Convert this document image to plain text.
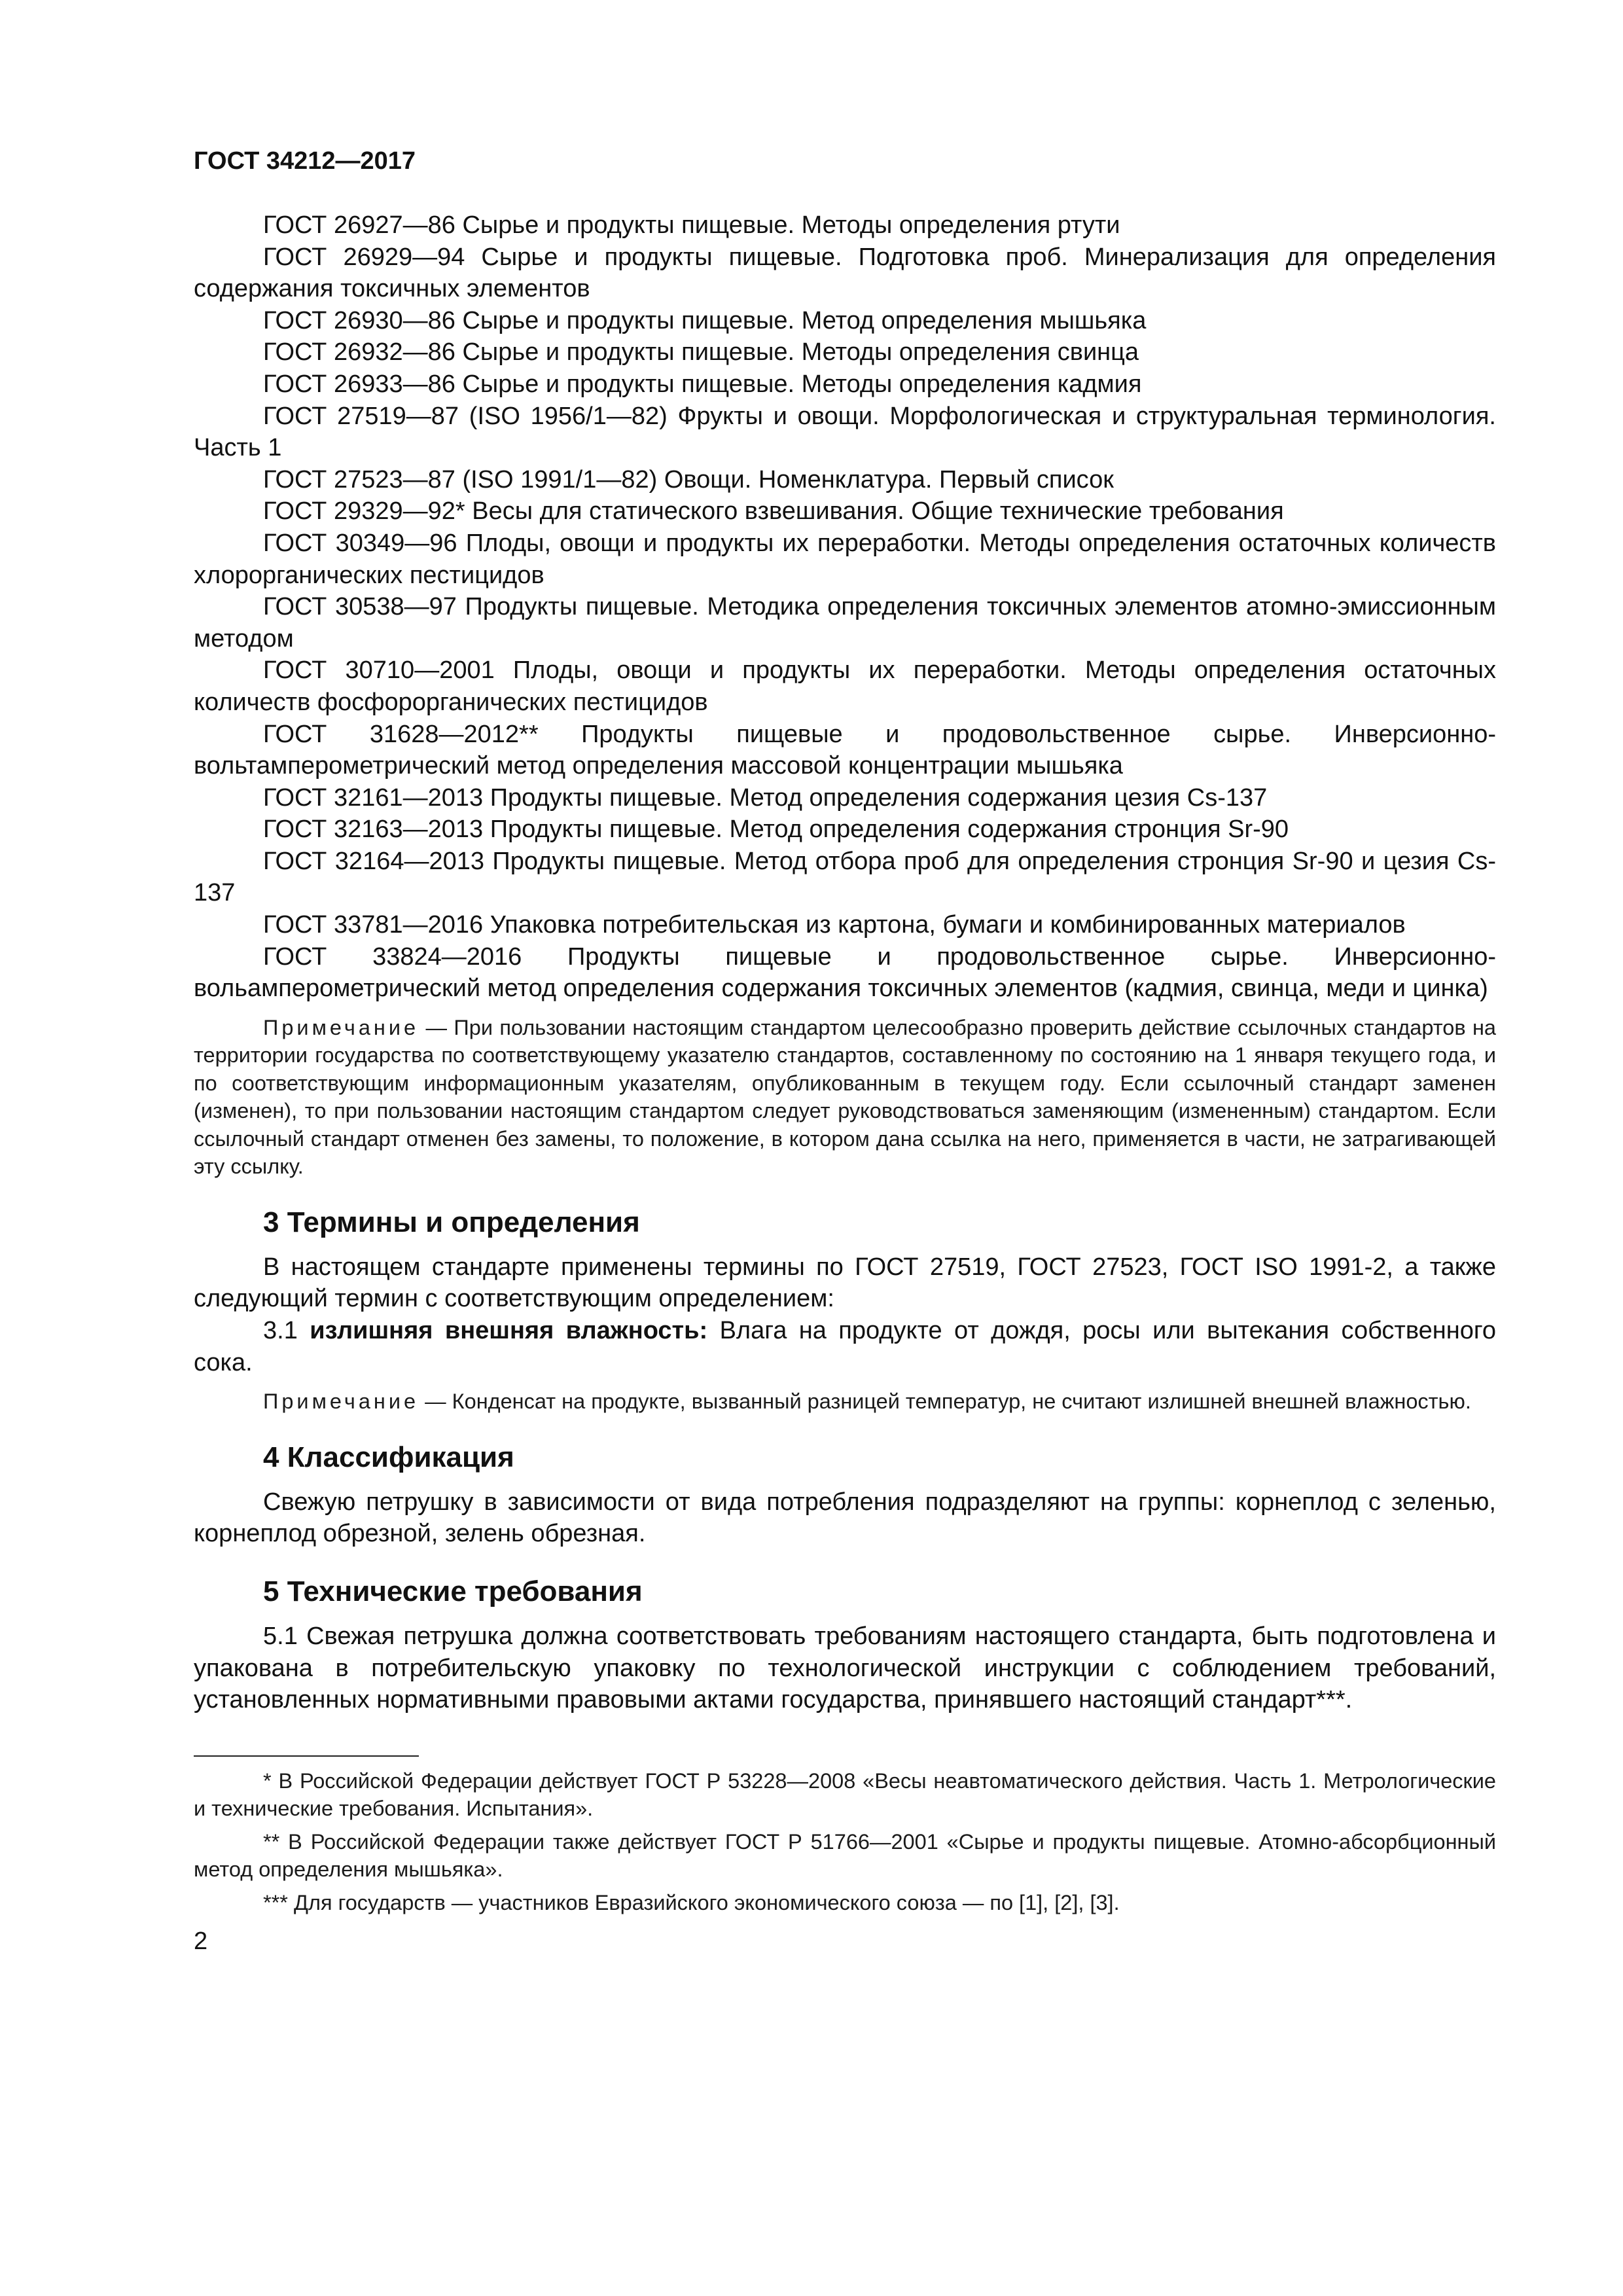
ГОСТ 34212—2017

ГОСТ 26927—86 Сырье и продукты пищевые. Методы определения ртути

ГОСТ 26929—94 Сырье и продукты пищевые. Подготовка проб. Минерализация для определения содержания токсичных элементов

ГОСТ 26930—86 Сырье и продукты пищевые. Метод определения мышьяка

ГОСТ 26932—86 Сырье и продукты пищевые. Методы определения свинца

ГОСТ 26933—86 Сырье и продукты пищевые. Методы определения кадмия

ГОСТ 27519—87 (ISO 1956/1—82) Фрукты и овощи. Морфологическая и структуральная терминология. Часть 1

ГОСТ 27523—87 (ISO 1991/1—82) Овощи. Номенклатура. Первый список

ГОСТ 29329—92* Весы для статического взвешивания. Общие технические требования

ГОСТ 30349—96 Плоды, овощи и продукты их переработки. Методы определения остаточных количеств хлорорганических пестицидов

ГОСТ 30538—97 Продукты пищевые. Методика определения токсичных элементов атомно-эмиссионным методом

ГОСТ 30710—2001 Плоды, овощи и продукты их переработки. Методы определения остаточных количеств фосфорорганических пестицидов

ГОСТ 31628—2012** Продукты пищевые и продовольственное сырье. Инверсионно-вольтамперометрический метод определения массовой концентрации мышьяка

ГОСТ 32161—2013 Продукты пищевые. Метод определения содержания цезия Cs-137

ГОСТ 32163—2013 Продукты пищевые. Метод определения содержания стронция Sr-90

ГОСТ 32164—2013 Продукты пищевые. Метод отбора проб для определения стронция Sr-90 и цезия Cs-137

ГОСТ 33781—2016 Упаковка потребительская из картона, бумаги и комбинированных материалов

ГОСТ 33824—2016 Продукты пищевые и продовольственное сырье. Инверсионно-вольамперометрический метод определения содержания токсичных элементов (кадмия, свинца, меди и цинка)

Примечание — При пользовании настоящим стандартом целесообразно проверить действие ссылочных стандартов на территории государства по соответствующему указателю стандартов, составленному по состоянию на 1 января текущего года, и по соответствующим информационным указателям, опубликованным в текущем году. Если ссылочный стандарт заменен (изменен), то при пользовании настоящим стандартом следует руководствоваться заменяющим (измененным) стандартом. Если ссылочный стандарт отменен без замены, то положение, в котором дана ссылка на него, применяется в части, не затрагивающей эту ссылку.

3 Термины и определения

В настоящем стандарте применены термины по ГОСТ 27519, ГОСТ 27523, ГОСТ ISO 1991-2, а также следующий термин с соответствующим определением:

3.1 излишняя внешняя влажность: Влага на продукте от дождя, росы или вытекания собственного сока.

Примечание — Конденсат на продукте, вызванный разницей температур, не считают излишней внешней влажностью.

4 Классификация

Свежую петрушку в зависимости от вида потребления подразделяют на группы: корнеплод с зеленью, корнеплод обрезной, зелень обрезная.

5 Технические требования

5.1 Свежая петрушка должна соответствовать требованиям настоящего стандарта, быть подготовлена и упакована в потребительскую упаковку по технологической инструкции с соблюдением требований, установленных нормативными правовыми актами государства, принявшего настоящий стандарт***.

* В Российской Федерации действует ГОСТ Р 53228—2008 «Весы неавтоматического действия. Часть 1. Метрологические и технические требования. Испытания».

** В Российской Федерации также действует ГОСТ Р 51766—2001 «Сырье и продукты пищевые. Атомно-абсорбционный метод определения мышьяка».

*** Для государств — участников Евразийского экономического союза — по [1], [2], [3].

2
